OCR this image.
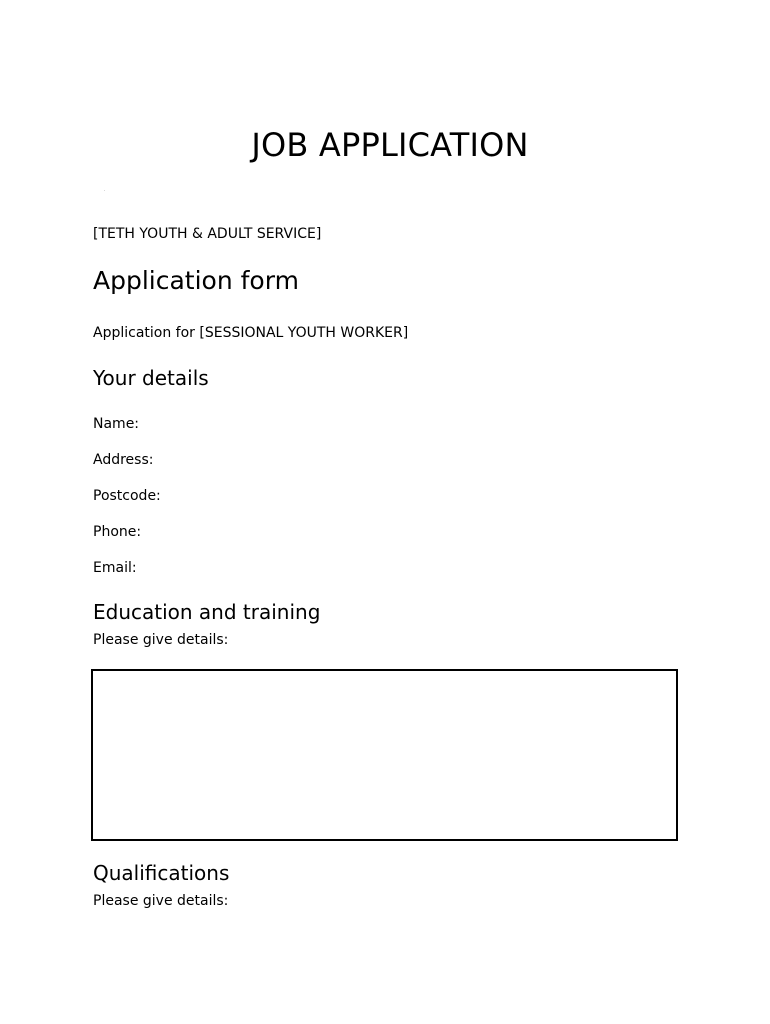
JOB APPLICATION
[TETH YOUTH & ADULT SERVICE]
Application form
Application for [SESSIONAL YOUTH WORKER]
Your details
Name:
Address:
Postcode:
Phone:
Email:
Education and training
Please give details:
Qualifications
Please give details:
